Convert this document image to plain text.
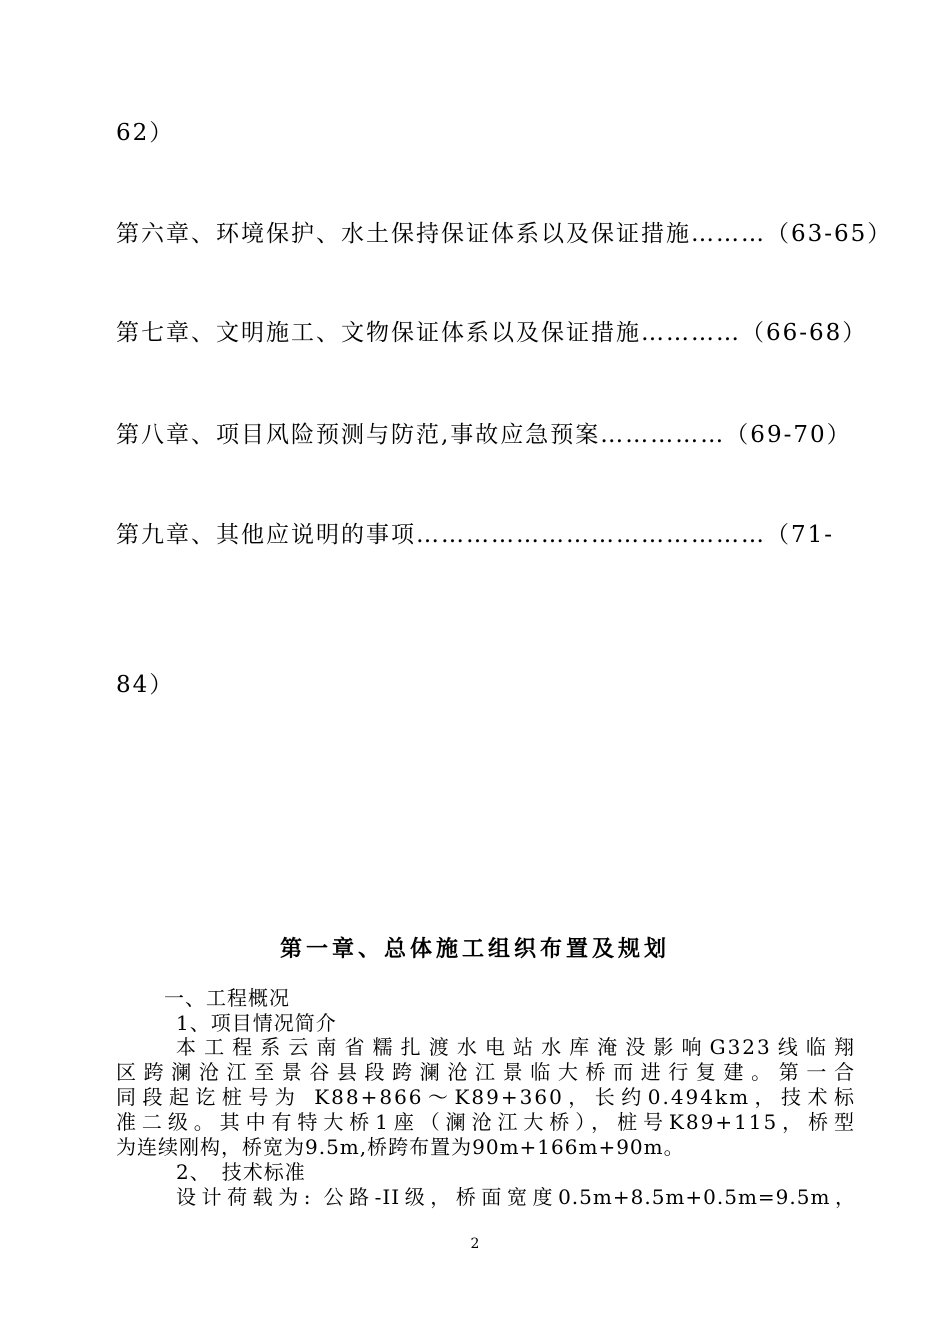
62）
第六章、环境保护、水土保持保证体系以及保证措施………（63-65）
第七章、文明施工、文物保证体系以及保证措施…………（66-68）
第八章、项目风险预测与防范,事故应急预案……………（69-70）
第九章、其他应说明的事项……………………………………（71-
84）
第一章、总体施工组织布置及规划
一、工程概况
1、项目情况简介
本工程系云南省糯扎渡水电站水库淹没影响G323线临翔
区跨澜沧江至景谷县段跨澜沧江景临大桥而进行复建。第一合
同段起讫桩号为 K88+866～K89+360，长约0.494km，技术标
准二级。其中有特大桥1座（澜沧江大桥），桩号K89+115，桥型
为连续刚构，桥宽为9.5m,桥跨布置为90m+166m+90m。
2、　技术标准
设计荷载为: 公路-II级，桥面宽度0.5m+8.5m+0.5m=9.5m，
2
